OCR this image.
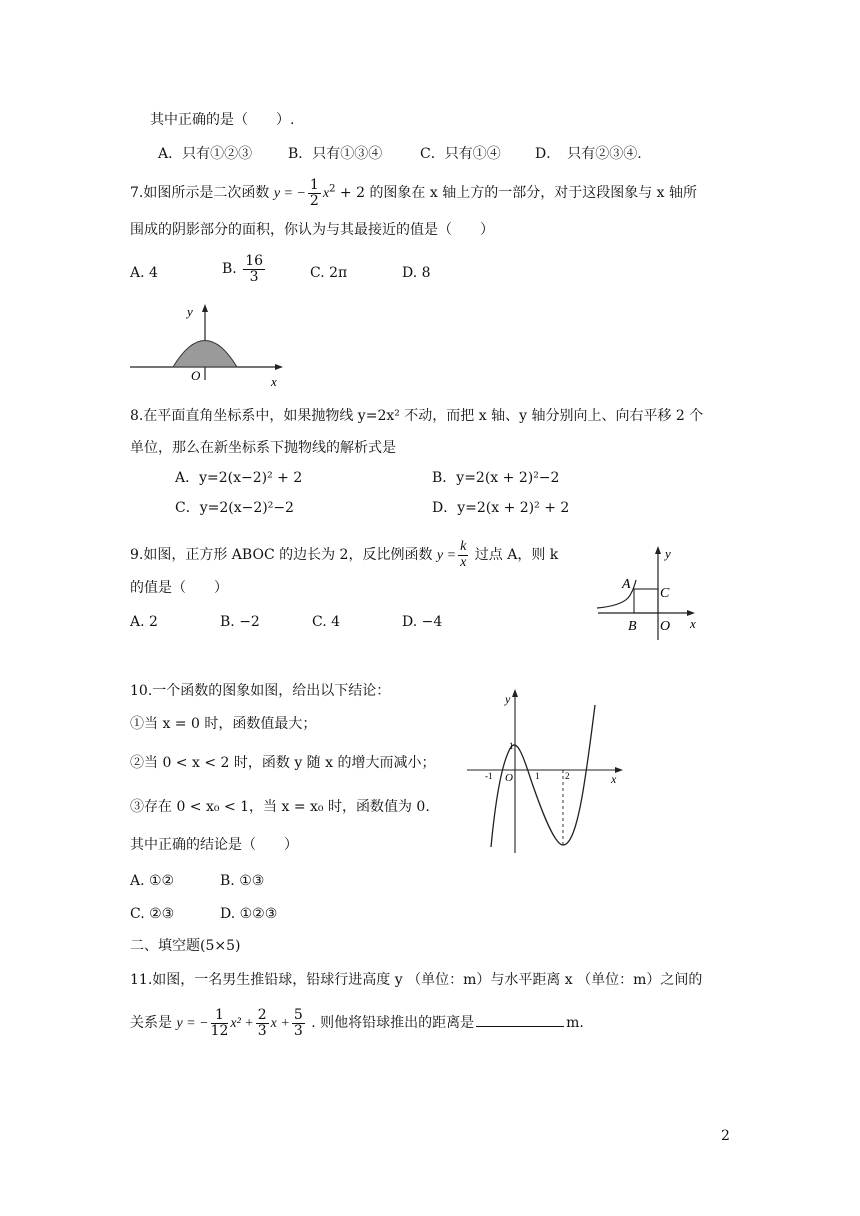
其中正确的是（　　）.
A．只有①②③	B．只有①③④	C．只有①④ D．　只有②③④.
7.如图所示是二次函数 y = − $\frac{1}{2} x^2 + 2$ 的图象在 x 轴上方的一部分，对于这段图象与 x 轴所
围成的阴影部分的面积，你认为与其最接近的值是（　　）
A. 4	B. $\frac{16}{3}$	C. 2π	D. 8
y
O	x
8.在平面直角坐标系中，如果抛物线 y=2x² 不动，而把 x 轴、y 轴分别向上、向右平移 2 个
单位，那么在新坐标系下抛物线的解析式是
A．y=2(x−2)² + 2	B．y=2(x + 2)²−2
C．y=2(x−2)²−2	D．y=2(x + 2)² + 2
9.如图，正方形 ABOC 的边长为 2，反比例函数 $y = \frac{k}{x}$ 过点 A，则 k
的值是（　　）
A. 2	B. −2	C. 4	D. −4
y
x
A
C
B O
10.一个函数的图象如图，给出以下结论：
①当 x = 0 时，函数值最大；
②当 0 < x < 2 时，函数 y 随 x 的增大而减小；
③存在 0 < x₀ < 1，当 x = x₀ 时，函数值为 0.
其中正确的结论是（　　）
A. ①②	B. ①③
C. ②③	D. ①②③
y
x
O
-1
1
1	2
二、填空题(5×5)
11.如图，一名男生推铅球，铅球行进高度 y （单位：m）与水平距离 x （单位：m）之间的
关系是 y = − $\frac{1}{12} x^2 + \frac{2}{3}$ $x + \frac{5}{3}$ . 则他将铅球推出的距离是	m.
2
